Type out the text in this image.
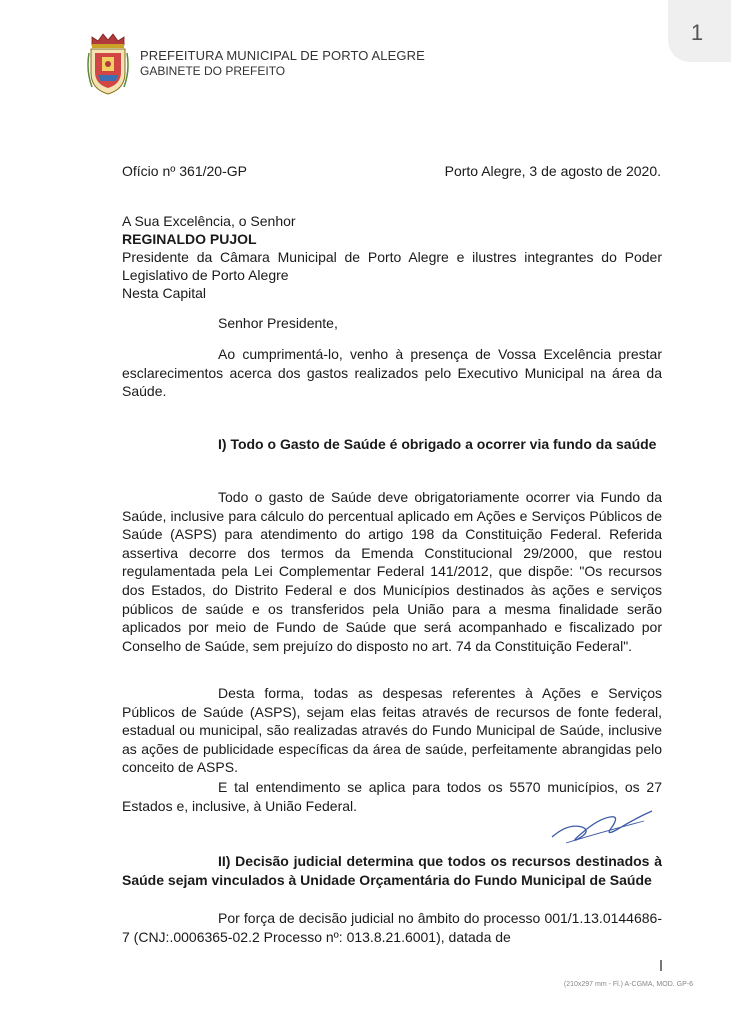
1
PREFEITURA MUNICIPAL DE PORTO ALEGRE
GABINETE DO PREFEITO
Ofício nº 361/20-GP	Porto Alegre, 3 de agosto de 2020.
A Sua Excelência, o Senhor
REGINALDO PUJOL
Presidente da Câmara Municipal de Porto Alegre e ilustres integrantes do Poder Legislativo de Porto Alegre
Nesta Capital
Senhor Presidente,
Ao cumprimentá-lo, venho à presença de Vossa Excelência prestar esclarecimentos acerca dos gastos realizados pelo Executivo Municipal na área da Saúde.
I) Todo o Gasto de Saúde é obrigado a ocorrer via fundo da saúde
Todo o gasto de Saúde deve obrigatoriamente ocorrer via Fundo da Saúde, inclusive para cálculo do percentual aplicado em Ações e Serviços Públicos de Saúde (ASPS) para atendimento do artigo 198 da Constituição Federal. Referida assertiva decorre dos termos da Emenda Constitucional 29/2000, que restou regulamentada pela Lei Complementar Federal 141/2012, que dispõe: "Os recursos dos Estados, do Distrito Federal e dos Municípios destinados às ações e serviços públicos de saúde e os transferidos pela União para a mesma finalidade serão aplicados por meio de Fundo de Saúde que será acompanhado e fiscalizado por Conselho de Saúde, sem prejuízo do disposto no art. 74 da Constituição Federal".
Desta forma, todas as despesas referentes à Ações e Serviços Públicos de Saúde (ASPS), sejam elas feitas através de recursos de fonte federal, estadual ou municipal, são realizadas através do Fundo Municipal de Saúde, inclusive as ações de publicidade específicas da área de saúde, perfeitamente abrangidas pelo conceito de ASPS.
E tal entendimento se aplica para todos os 5570 municípios, os 27 Estados e, inclusive, à União Federal.
II) Decisão judicial determina que todos os recursos destinados à Saúde sejam vinculados à Unidade Orçamentária do Fundo Municipal de Saúde
Por força de decisão judicial no âmbito do processo 001/1.13.0144686-7 (CNJ:.0006365-02.2 Processo nº: 013.8.21.6001), datada de
(210x297 mm - Fl.) A-CGMA, MOD. GP-6
